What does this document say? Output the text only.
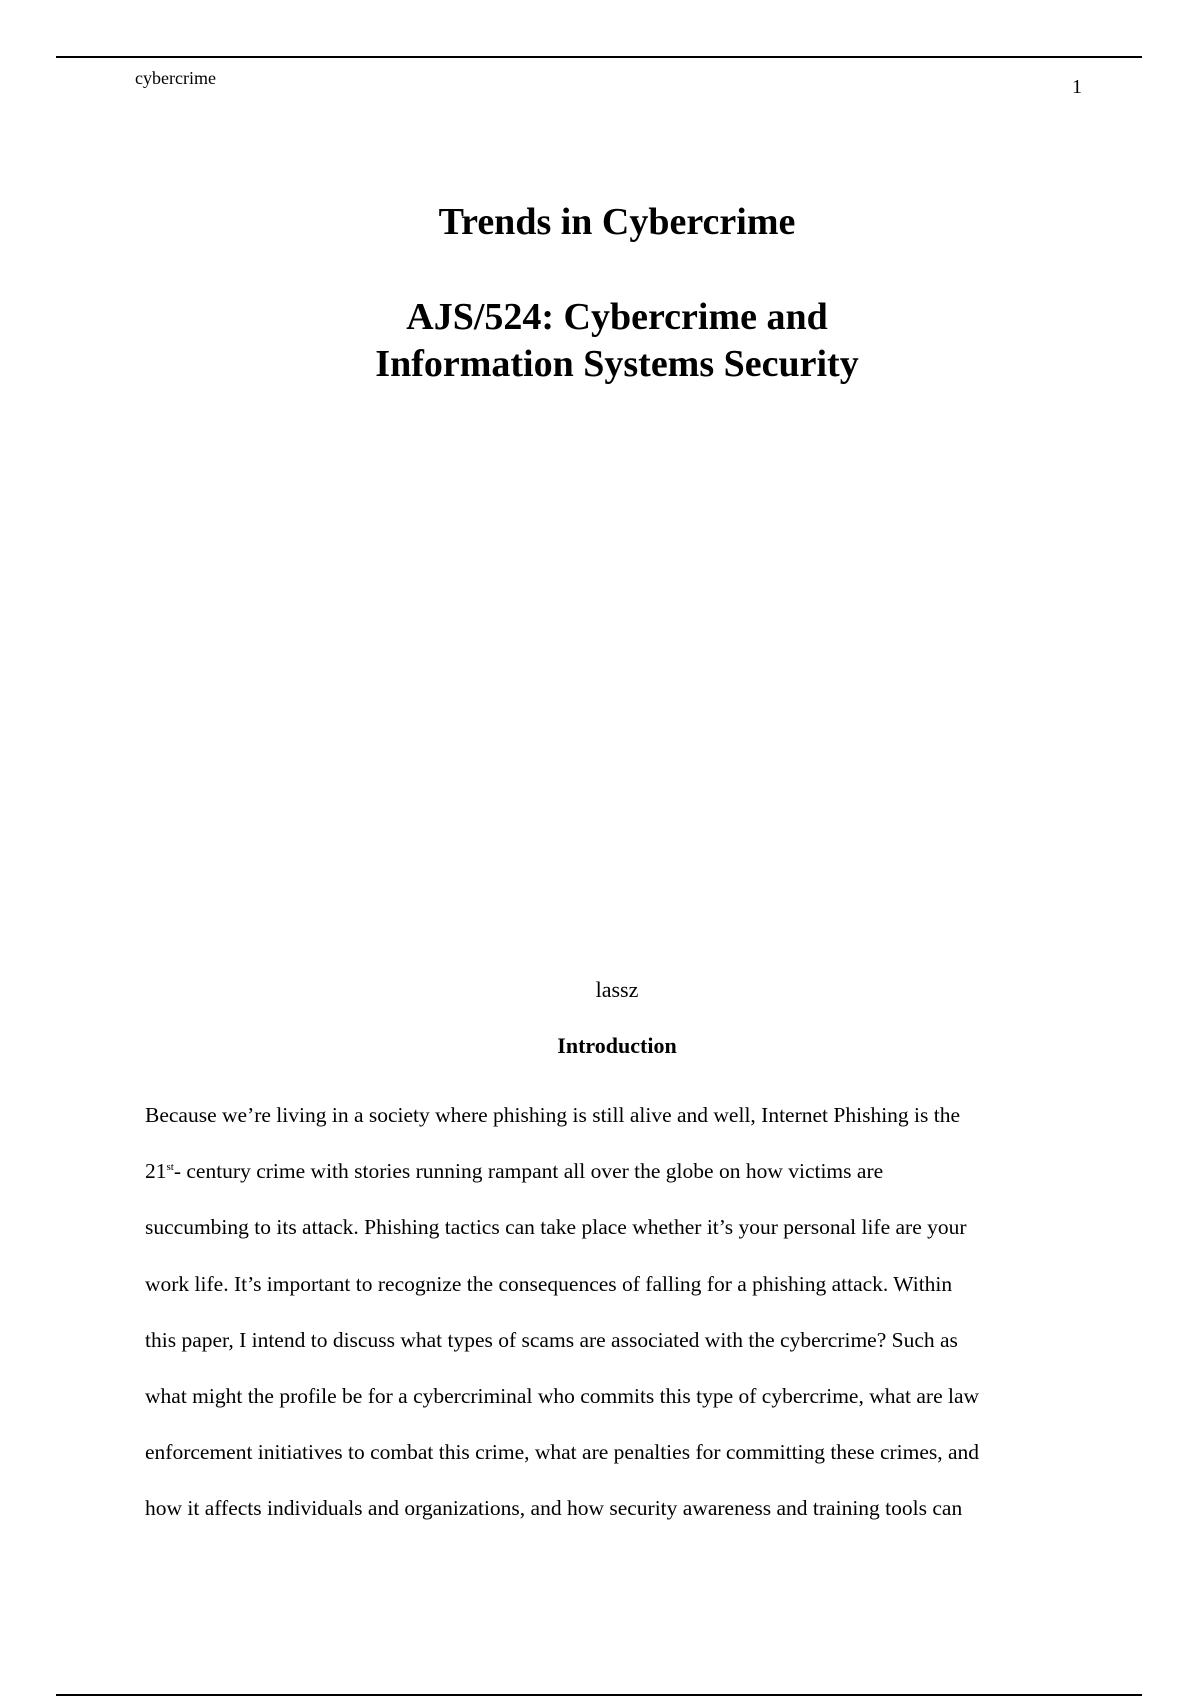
cybercrime	1
Trends in Cybercrime
AJS/524: Cybercrime and Information Systems Security
lassz
Introduction
Because we’re living in a society where phishing is still alive and well, Internet Phishing is the
21st- century crime with stories running rampant all over the globe on how victims are
succumbing to its attack. Phishing tactics can take place whether it’s your personal life are your
work life. It’s important to recognize the consequences of falling for a phishing attack. Within
this paper, I intend to discuss what types of scams are associated with the cybercrime? Such as
what might the profile be for a cybercriminal who commits this type of cybercrime, what are law
enforcement initiatives to combat this crime, what are penalties for committing these crimes, and
how it affects individuals and organizations, and how security awareness and training tools can
